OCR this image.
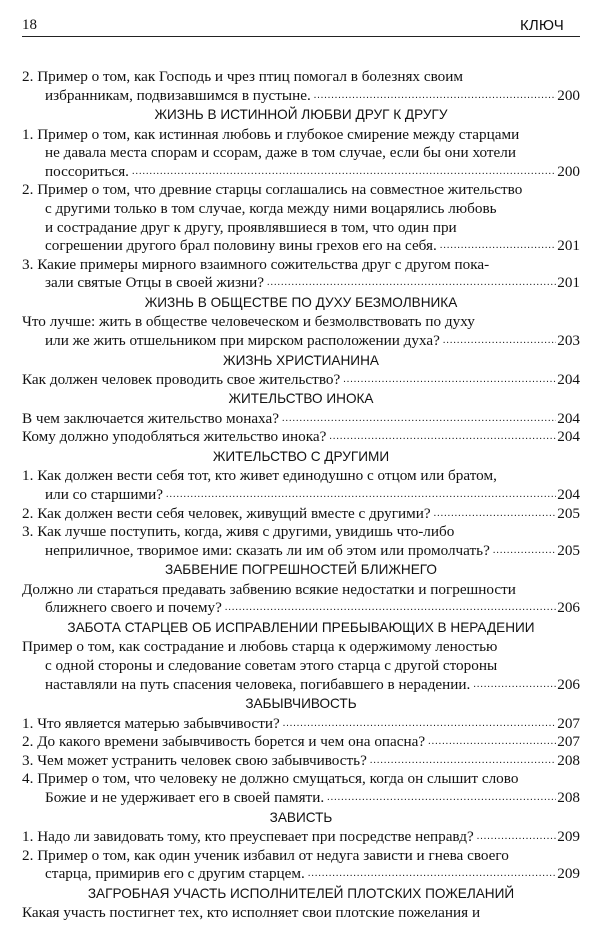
18	КЛЮЧ
2. Пример о том, как Господь и чрез птиц помогал в болезнях своим
избранникам, подвизавшимся в пустыне. .....	200
ЖИЗНЬ В ИСТИННОЙ ЛЮБВИ ДРУГ К ДРУГУ
1. Пример о том, как истинная любовь и глубокое смирение между старцами
не давала места спорам и ссорам, даже в том случае, если бы они хотели
поссориться. .....	200
2. Пример о том, что древние старцы соглашались на совместное жительство
с другими только в том случае, когда между ними воцарялись любовь
и сострадание друг к другу, проявлявшиеся в том, что один при
согрешении другого брал половину вины грехов его на себя. .....	201
3. Какие примеры мирного взаимного сожительства друг с другом пока-
зали святые Отцы в своей жизни? .....	201
ЖИЗНЬ В ОБЩЕСТВЕ ПО ДУХУ БЕЗМОЛВНИКА
Что лучше: жить в обществе человеческом и безмолвствовать по духу
или же жить отшельником при мирском расположении духа? .....	203
ЖИЗНЬ ХРИСТИАНИНА
Как должен человек проводить свое жительство? .....	204
ЖИТЕЛЬСТВО ИНОКА
В чем заключается жительство монаха? .....	204
Кому должно уподобляться жительство инока? .....	204
ЖИТЕЛЬСТВО С ДРУГИМИ
1. Как должен вести себя тот, кто живет единодушно с отцом или братом,
или со старшими? .....	204
2. Как должен вести себя человек, живущий вместе с другими? .....	205
3. Как лучше поступить, когда, живя с другими, увидишь что-либо
неприличное, творимое ими: сказать ли им об этом или промолчать? .....	205
ЗАБВЕНИЕ ПОГРЕШНОСТЕЙ БЛИЖНЕГО
Должно ли стараться предавать забвению всякие недостатки и погрешности
ближнего своего и почему? .....	206
ЗАБОТА СТАРЦЕВ ОБ ИСПРАВЛЕНИИ ПРЕБЫВАЮЩИХ В НЕРАДЕНИИ
Пример о том, как сострадание и любовь старца к одержимому леностью
с одной стороны и следование советам этого старца с другой стороны
наставляли на путь спасения человека, погибавшего в нерадении. .....	206
ЗАБЫВЧИВОСТЬ
1. Что является матерью забывчивости? .....	207
2. До какого времени забывчивость борется и чем она опасна? .....	207
3. Чем может устранить человек свою забывчивость? .....	208
4. Пример о том, что человеку не должно смущаться, когда он слышит слово
Божие и не удерживает его в своей памяти. .....	208
ЗАВИСТЬ
1. Надо ли завидовать тому, кто преуспевает при посредстве неправд? .....	209
2. Пример о том, как один ученик избавил от недуга зависти и гнева своего
старца, примирив его с другим старцем. .....	209
ЗАГРОБНАЯ УЧАСТЬ ИСПОЛНИТЕЛЕЙ ПЛОТСКИХ ПОЖЕЛАНИЙ
Какая участь постигнет тех, кто исполняет свои плотские пожелания и
